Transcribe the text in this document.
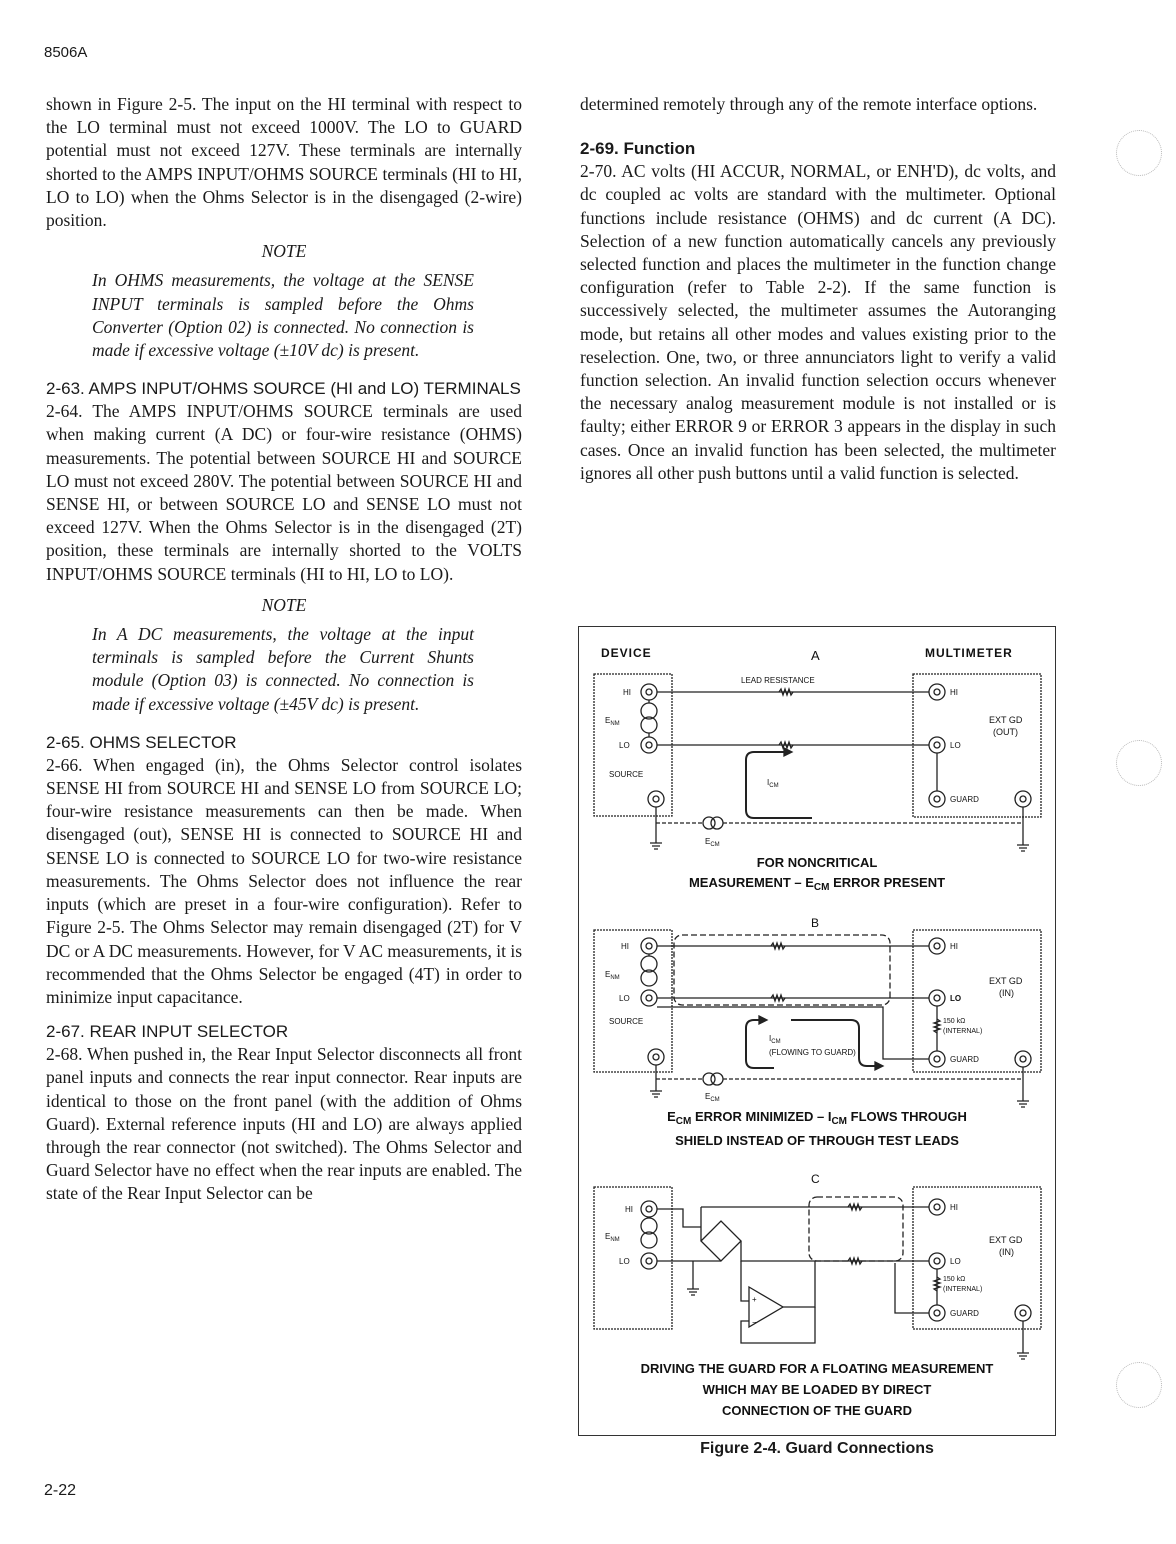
8506A

shown in Figure 2-5. The input on the HI terminal with respect to the LO terminal must not exceed 1000V. The LO to GUARD potential must not exceed 127V. These terminals are internally shorted to the AMPS INPUT/OHMS SOURCE terminals (HI to HI, LO to LO) when the Ohms Selector is in the disengaged (2-wire) position.

NOTE

In OHMS measurements, the voltage at the SENSE INPUT terminals is sampled before the Ohms Converter (Option 02) is connected. No connection is made if excessive voltage (±10V dc) is present.

2-63. AMPS INPUT/OHMS SOURCE (HI and LO) TERMINALS

2-64. The AMPS INPUT/OHMS SOURCE terminals are used when making current (A DC) or four-wire resistance (OHMS) measurements. The potential between SOURCE HI and SOURCE LO must not exceed 280V. The potential between SOURCE HI and SENSE HI, or between SOURCE LO and SENSE LO must not exceed 127V. When the Ohms Selector is in the disengaged (2T) position, these terminals are internally shorted to the VOLTS INPUT/OHMS SOURCE terminals (HI to HI, LO to LO).

NOTE

In A DC measurements, the voltage at the input terminals is sampled before the Current Shunts module (Option 03) is connected. No connection is made if excessive voltage (±45V dc) is present.

2-65. OHMS SELECTOR

2-66. When engaged (in), the Ohms Selector control isolates SENSE HI from SOURCE HI and SENSE LO from SOURCE LO; four-wire resistance measurements can then be made. When disengaged (out), SENSE HI is connected to SOURCE HI and SENSE LO is connected to SOURCE LO for two-wire resistance measurements. The Ohms Selector does not influence the rear inputs (which are preset in a four-wire configuration). Refer to Figure 2-5. The Ohms Selector may remain disengaged (2T) for V DC or A DC measurements. However, for V AC measurements, it is recommended that the Ohms Selector be engaged (4T) in order to minimize input capacitance.

2-67. REAR INPUT SELECTOR

2-68. When pushed in, the Rear Input Selector disconnects all front panel inputs and connects the rear input connector. Rear inputs are identical to those on the front panel (with the addition of Ohms Guard). External reference inputs (HI and LO) are always applied through the rear connector (not switched). The Ohms Selector and Guard Selector have no effect when the rear inputs are enabled. The state of the Rear Input Selector can be

determined remotely through any of the remote interface options.

2-69. Function

2-70. AC volts (HI ACCUR, NORMAL, or ENH'D), dc volts, and dc coupled ac volts are standard with the multimeter. Optional functions include resistance (OHMS) and dc current (A DC). Selection of a new function automatically cancels any previously selected function and places the multimeter in the function change configuration (refer to Table 2-2). If the same function is successively selected, the multimeter assumes the Autoranging mode, but retains all other modes and values existing prior to the reselection. One, two, or three annunciators light to verify a valid function selection. An invalid function selection occurs whenever the necessary analog measurement module is not installed or is faulty; either ERROR 9 or ERROR 3 appears in the display in such cases. Once an invalid function has been selected, the multimeter ignores all other push buttons until a valid function is selected.

DEVICE	A	MULTIMETER
LEAD RESISTANCE
HI
$E_{NM}$
LO
SOURCE
$I_{CM}$
$E_{CM}$
HI
LO
GUARD
EXT GD
(OUT)
FOR NONCRITICAL
MEASUREMENT – $E_{CM}$ ERROR PRESENT
B
HI
$E_{NM}$
LO
SOURCE
$I_{CM}$
(FLOWING TO GUARD)
$E_{CM}$
HI
LO
150 kΩ
(INTERNAL)
GUARD
EXT GD
(IN)
$E_{CM}$ ERROR MINIMIZED – $I_{CM}$ FLOWS THROUGH
SHIELD INSTEAD OF THROUGH TEST LEADS
C
HI
$E_{NM}$
LO
+
−
HI
LO
150 kΩ
(INTERNAL)
GUARD
EXT GD
(IN)
DRIVING THE GUARD FOR A FLOATING MEASUREMENT
WHICH MAY BE LOADED BY DIRECT
CONNECTION OF THE GUARD
Figure 2-4. Guard Connections
2-22
